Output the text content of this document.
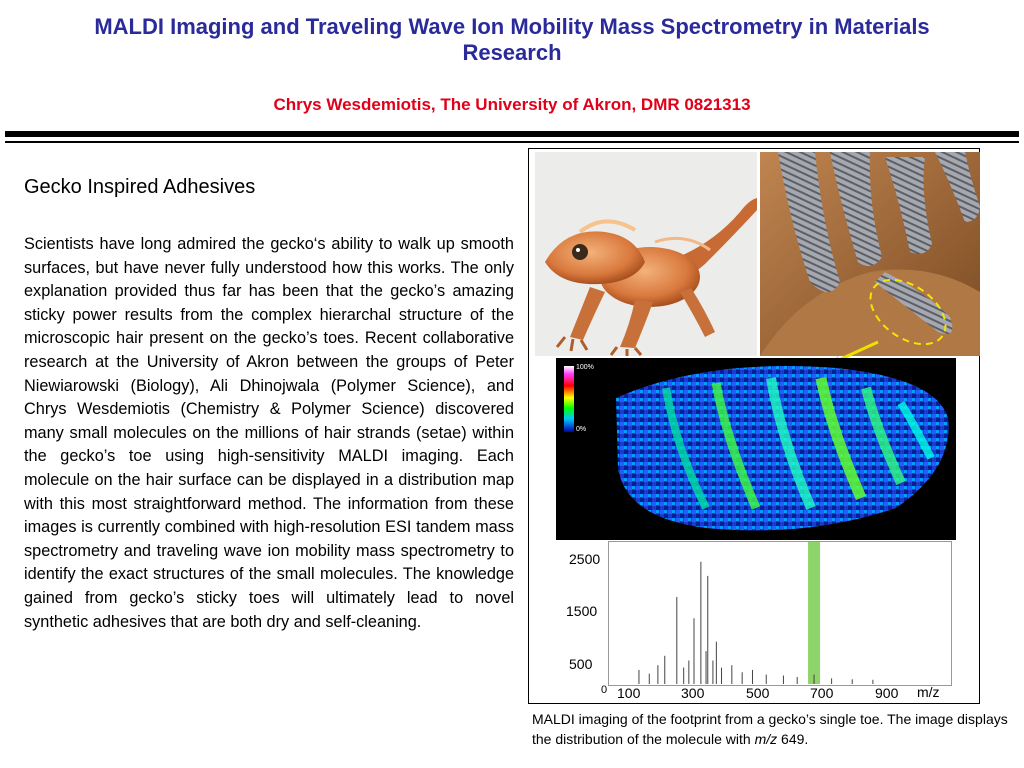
MALDI Imaging and Traveling Wave Ion Mobility Mass Spectrometry in Materials Research
Chrys Wesdemiotis, The University of Akron, DMR 0821313
Gecko Inspired Adhesives

Scientists have long admired the gecko‘s ability to walk up smooth surfaces, but have never fully understood how this works. The only explanation provided thus far has been that the gecko’s amazing sticky power results from the complex hierarchal structure of the microscopic hair present on the gecko’s toes. Recent collaborative research at the University of Akron between the groups of Peter Niewiarowski (Biology), Ali Dhinojwala (Polymer Science), and Chrys Wesdemiotis (Chemistry & Polymer Science) discovered many small molecules on the millions of hair strands (setae) within the gecko’s toe using high-sensitivity MALDI imaging. Each molecule on the hair surface can be displayed in a distribution map with this most straightforward method. The information from these images is currently combined with high-resolution ESI tandem mass spectrometry and traveling wave ion mobility mass spectrometry to identify the exact structures of the small molecules. The knowledge gained from gecko’s sticky toes will ultimately lead to novel synthetic adhesives that are both dry and self-cleaning.

100%
0%
2500
1500
500
0 100	300	500	700	900 m/z

MALDI imaging of the footprint from a gecko’s single toe. The image displays the distribution of the molecule with m/z 649.
